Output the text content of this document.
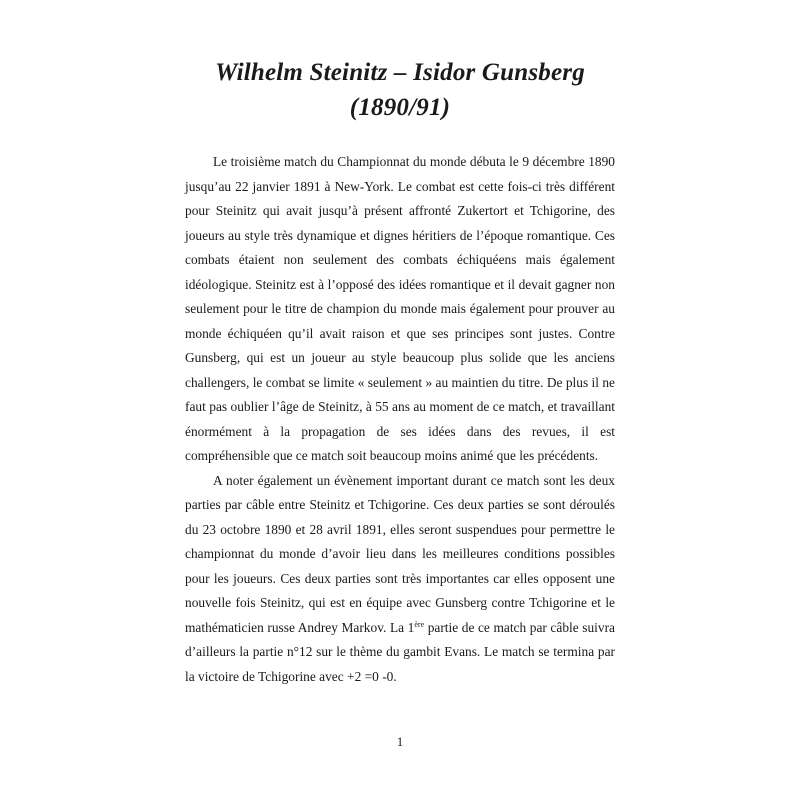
Wilhelm Steinitz – Isidor Gunsberg
(1890/91)

Le troisième match du Championnat du monde débuta le 9 décembre 1890 jusqu’au 22 janvier 1891 à New-York. Le combat est cette fois-ci très différent pour Steinitz qui avait jusqu’à présent affronté Zukertort et Tchigorine, des joueurs au style très dynamique et dignes héritiers de l’époque romantique. Ces combats étaient non seulement des combats échiquéens mais également idéologique. Steinitz est à l’opposé des idées romantique et il devait gagner non seulement pour le titre de champion du monde mais également pour prouver au monde échiquéen qu’il avait raison et que ses principes sont justes. Contre Gunsberg, qui est un joueur au style beaucoup plus solide que les anciens challengers, le combat se limite « seulement » au maintien du titre. De plus il ne faut pas oublier l’âge de Steinitz, à 55 ans au moment de ce match, et travaillant énormément à la propagation de ses idées dans des revues, il est compréhensible que ce match soit beaucoup moins animé que les précédents.

A noter également un évènement important durant ce match sont les deux parties par câble entre Steinitz et Tchigorine. Ces deux parties se sont déroulés du 23 octobre 1890 et 28 avril 1891, elles seront suspendues pour permettre le championnat du monde d’avoir lieu dans les meilleures conditions possibles pour les joueurs. Ces deux parties sont très importantes car elles opposent une nouvelle fois Steinitz, qui est en équipe avec Gunsberg contre Tchigorine et le mathématicien russe Andrey Markov. La 1ère partie de ce match par câble suivra d’ailleurs la partie n°12 sur le thème du gambit Evans. Le match se termina par la victoire de Tchigorine avec +2 =0 -0.

1
